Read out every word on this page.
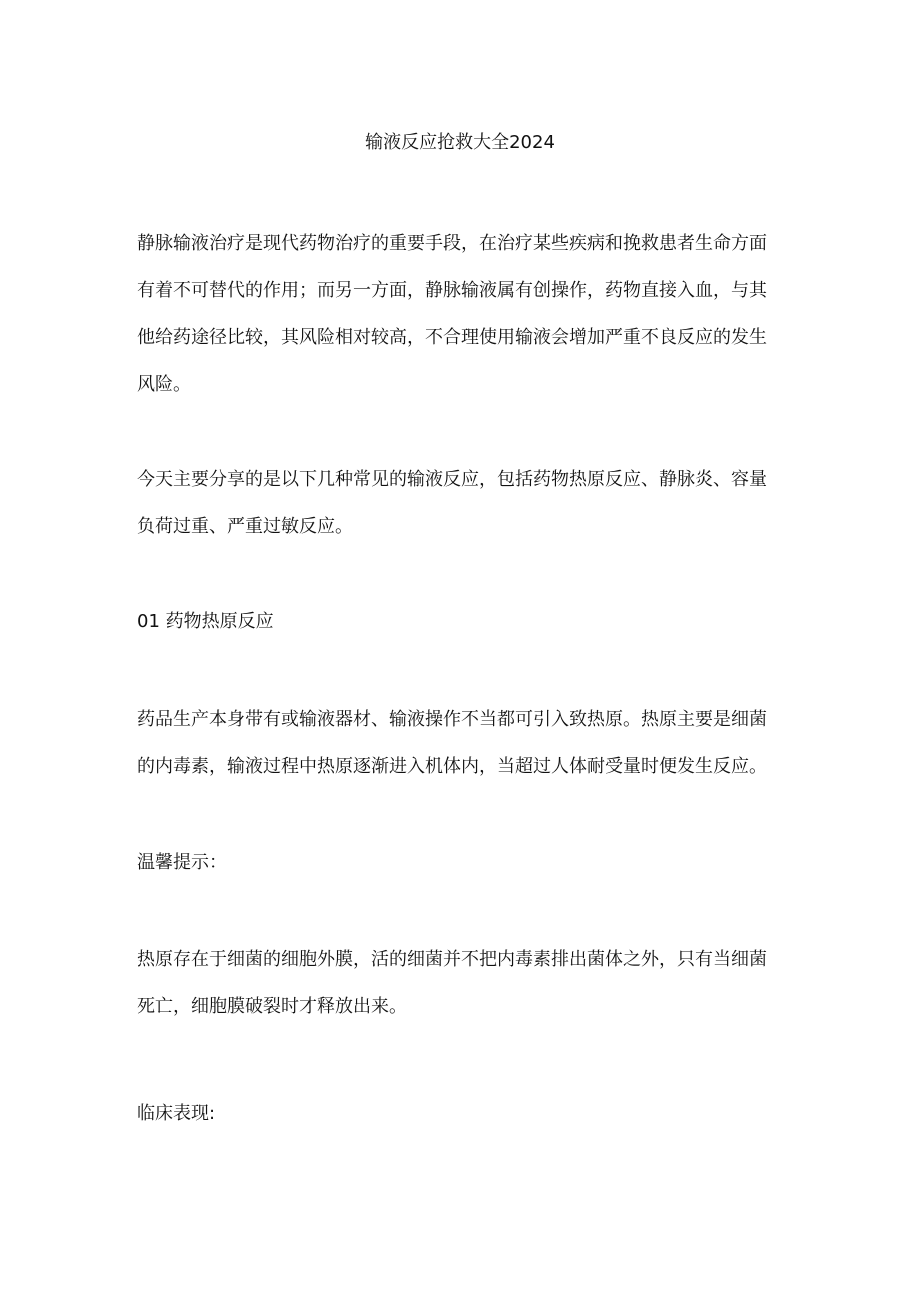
输液反应抢救大全2024

静脉输液治疗是现代药物治疗的重要手段，在治疗某些疾病和挽救患者生命方面
有着不可替代的作用；而另一方面，静脉输液属有创操作，药物直接入血，与其
他给药途径比较，其风险相对较高，不合理使用输液会增加严重不良反应的发生
风险。

今天主要分享的是以下几种常见的输液反应，包括药物热原反应、静脉炎、容量
负荷过重、严重过敏反应。

01 药物热原反应

药品生产本身带有或输液器材、输液操作不当都可引入致热原。热原主要是细菌
的内毒素，输液过程中热原逐渐进入机体内，当超过人体耐受量时便发生反应。

温馨提示：

热原存在于细菌的细胞外膜，活的细菌并不把内毒素排出菌体之外，只有当细菌
死亡，细胞膜破裂时才释放出来。

临床表现:
